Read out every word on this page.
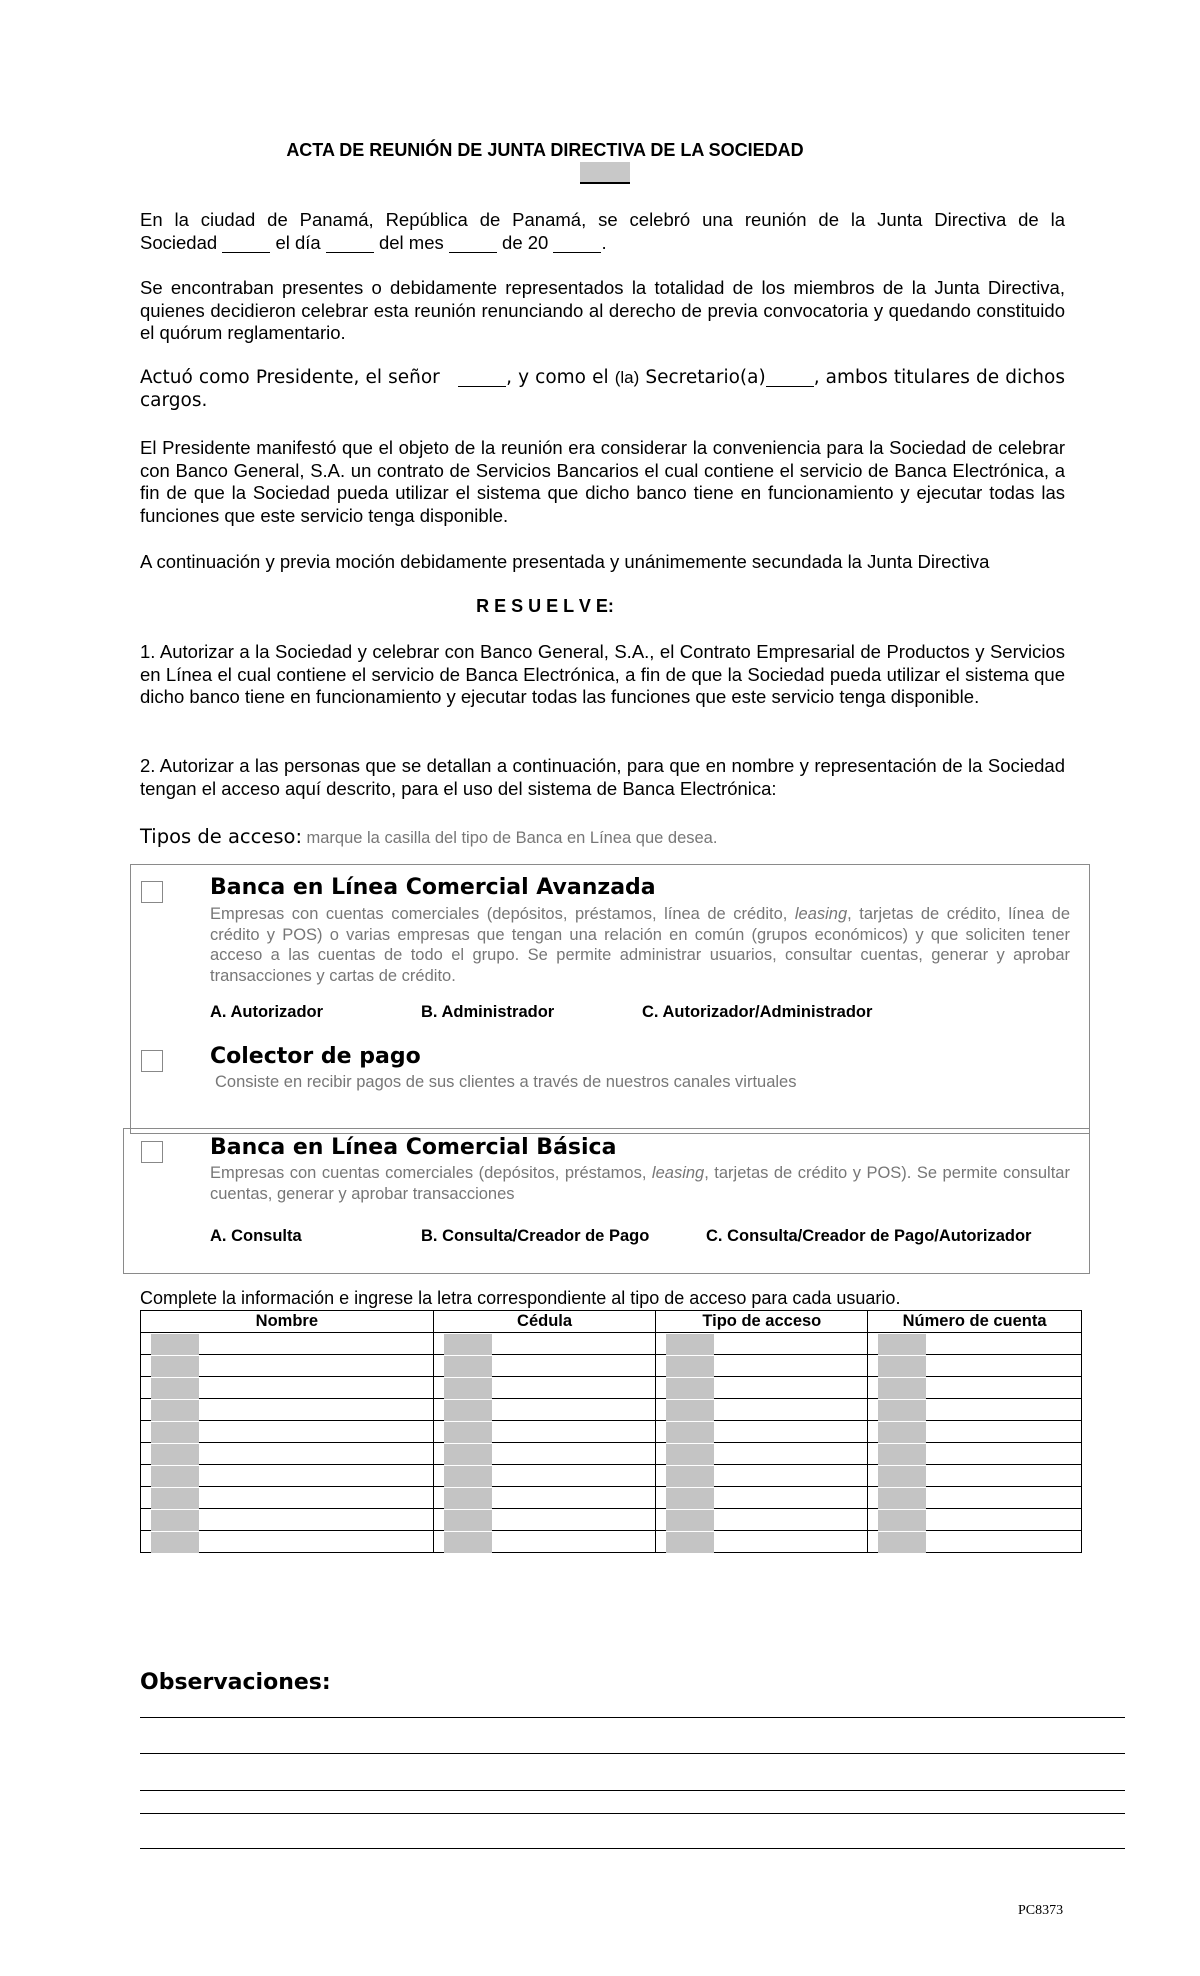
ACTA DE REUNIÓN DE JUNTA DIRECTIVA DE LA SOCIEDAD
En la ciudad de Panamá, República de Panamá, se celebró una reunión de la Junta Directiva de la
Sociedad	el día	del mes	de 20	.
Se encontraban presentes o debidamente representados la totalidad de los miembros de la Junta Directiva, quienes decidieron celebrar esta reunión renunciando al derecho de previa convocatoria y quedando constituido el quórum reglamentario.
Actuó como Presidente, el señor	, y como el (la) Secretario(a)	, ambos titulares de dichos cargos.
El Presidente manifestó que el objeto de la reunión era considerar la conveniencia para la Sociedad de celebrar con Banco General, S.A. un contrato de Servicios Bancarios el cual contiene el servicio de Banca Electrónica, a fin de que la Sociedad pueda utilizar el sistema que dicho banco tiene en funcionamiento y ejecutar todas las funciones que este servicio tenga disponible.
A continuación y previa moción debidamente presentada y unánimemente secundada la Junta Directiva
R E S U E L V E:
1. Autorizar a la Sociedad y celebrar con Banco General, S.A., el Contrato Empresarial de Productos y Servicios en Línea el cual contiene el servicio de Banca Electrónica, a fin de que la Sociedad pueda utilizar el sistema que dicho banco tiene en funcionamiento y ejecutar todas las funciones que este servicio tenga disponible.
2. Autorizar a las personas que se detallan a continuación, para que en nombre y representación de la Sociedad tengan el acceso aquí descrito, para el uso del sistema de Banca Electrónica:
Tipos de acceso: marque la casilla del tipo de Banca en Línea que desea.
Banca en Línea Comercial Avanzada
Empresas con cuentas comerciales (depósitos, préstamos, línea de crédito, leasing, tarjetas de crédito, línea de crédito y POS) o varias empresas que tengan una relación en común (grupos económicos) y que soliciten tener acceso a las cuentas de todo el grupo. Se permite administrar usuarios, consultar cuentas, generar y aprobar transacciones y cartas de crédito.
A. Autorizador	B. Administrador	C. Autorizador/Administrador
Colector de pago
Consiste en recibir pagos de sus clientes a través de nuestros canales virtuales
Banca en Línea Comercial Básica
Empresas con cuentas comerciales (depósitos, préstamos, leasing, tarjetas de crédito y POS). Se permite consultar cuentas, generar y aprobar transacciones
A. Consulta	B. Consulta/Creador de Pago	C. Consulta/Creador de Pago/Autorizador
Complete la información e ingrese la letra correspondiente al tipo de acceso para cada usuario.
Nombre	Cédula	Tipo de acceso	Número de cuenta

Observaciones:
PC8373
